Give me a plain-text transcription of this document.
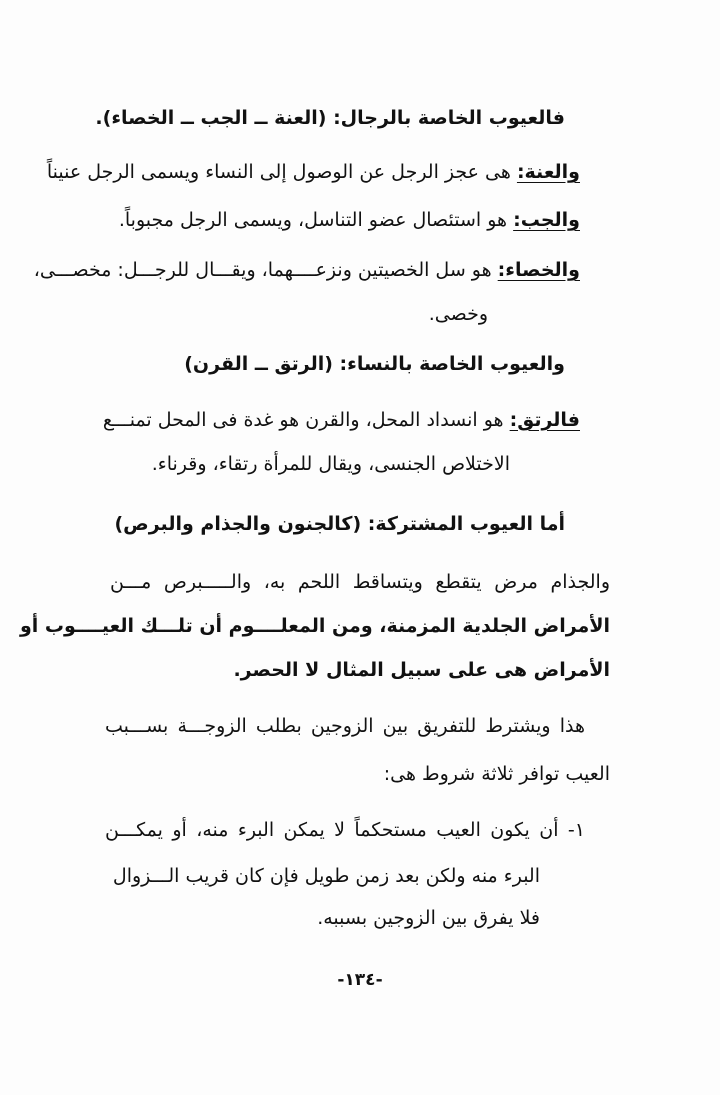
فالعيوب الخاصة بالرجال: (العنة ــ الجب ــ الخصاء).
والعنة: هى عجز الرجل عن الوصول إلى النساء ويسمى الرجل عنيناً
والجب: هو استئصال عضو التناسل، ويسمى الرجل مجبوباً.
والخصاء: هو سل الخصيتين ونزعــــهما، ويقـــال للرجـــل: مخصـــى،
وخصى.
والعيوب الخاصة بالنساء: (الرتق ــ القرن)
فالرتق: هو انسداد المحل، والقرن هو غدة فى المحل تمنـــع
الاختلاص الجنسى، ويقال للمرأة رتقاء، وقرناء.
أما العيوب المشتركة: (كالجنون والجذام والبرص)
والجذام مرض يتقطع ويتساقط اللحم به، والـــــبرص مـــن
الأمراض الجلدية المزمنة، ومن المعلــــوم أن تلـــك العيــــوب أو
الأمراض هى على سبيل المثال لا الحصر.
هذا ويشترط للتفريق بين الزوجين بطلب الزوجـــة بســـبب
العيب توافر ثلاثة شروط هى:
١- أن يكون العيب مستحكماً لا يمكن البرء منه، أو يمكـــن
البرء منه ولكن بعد زمن طويل فإن كان قريب الـــزوال
فلا يفرق بين الزوجين بسببه.
-١٣٤-
